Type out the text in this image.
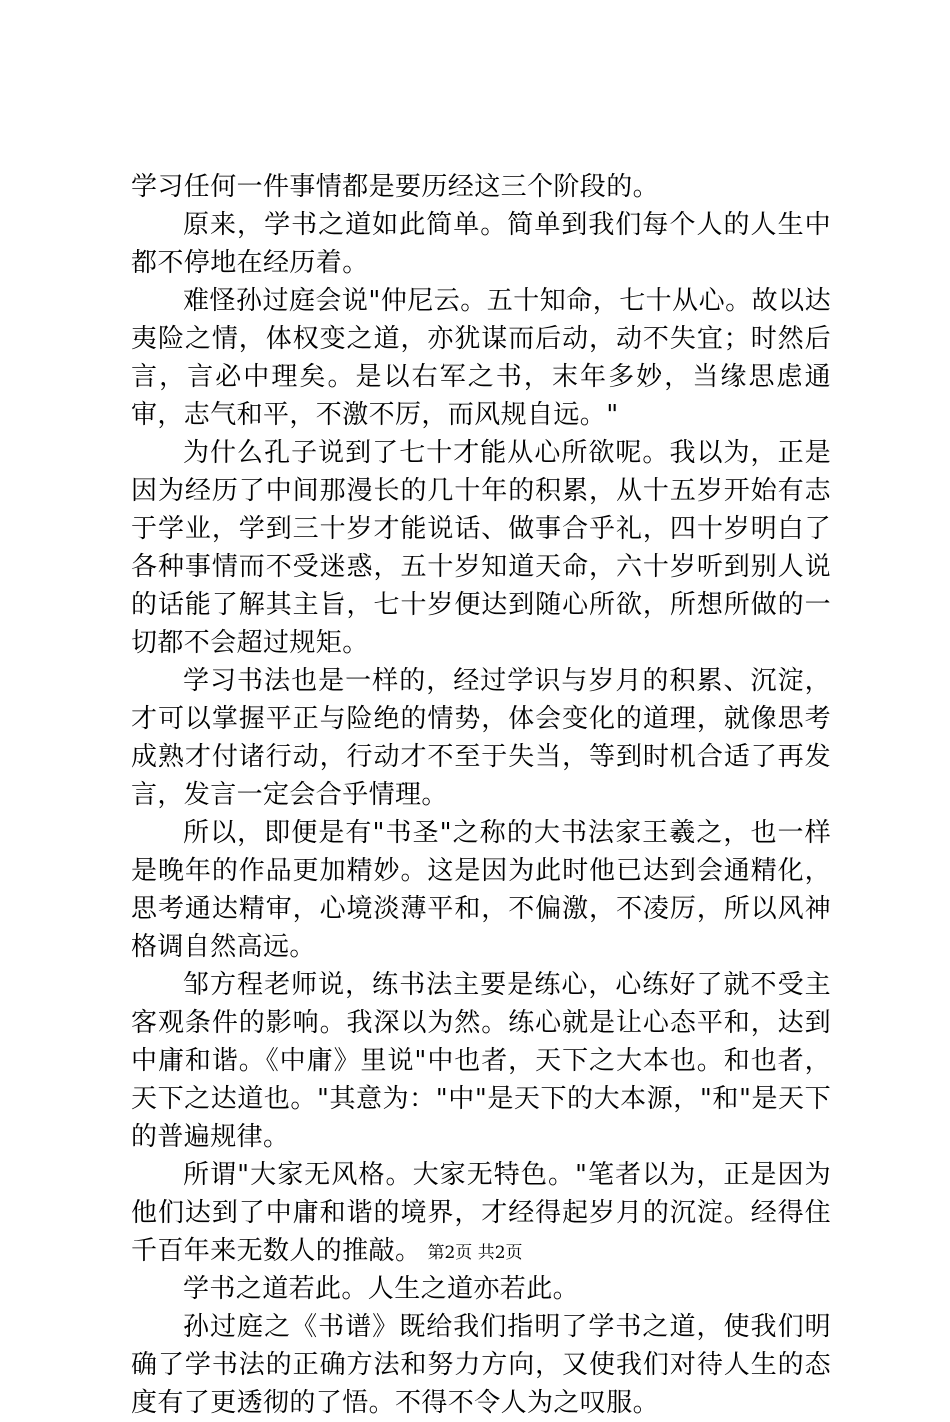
学习任何一件事情都是要历经这三个阶段的。

原来，学书之道如此简单。简单到我们每个人的人生中都不停地在经历着。

难怪孙过庭会说"仲尼云。五十知命，七十从心。故以达夷险之情，体权变之道，亦犹谋而后动，动不失宜；时然后言，言必中理矣。是以右军之书，末年多妙，当缘思虑通审，志气和平，不激不厉，而风规自远。"

为什么孔子说到了七十才能从心所欲呢。我以为，正是因为经历了中间那漫长的几十年的积累，从十五岁开始有志于学业，学到三十岁才能说话、做事合乎礼，四十岁明白了各种事情而不受迷惑，五十岁知道天命，六十岁听到别人说的话能了解其主旨，七十岁便达到随心所欲，所想所做的一切都不会超过规矩。

学习书法也是一样的，经过学识与岁月的积累、沉淀，才可以掌握平正与险绝的情势，体会变化的道理，就像思考成熟才付诸行动，行动才不至于失当，等到时机合适了再发言，发言一定会合乎情理。

所以，即便是有"书圣"之称的大书法家王羲之，也一样是晚年的作品更加精妙。这是因为此时他已达到会通精化，思考通达精审，心境淡薄平和，不偏激，不凌厉，所以风神格调自然高远。

邹方程老师说，练书法主要是练心，心练好了就不受主客观条件的影响。我深以为然。练心就是让心态平和，达到中庸和谐。《中庸》里说"中也者，天下之大本也。和也者，天下之达道也。"其意为："中"是天下的大本源，"和"是天下的普遍规律。

所谓"大家无风格。大家无特色。"笔者以为，正是因为他们达到了中庸和谐的境界，才经得起岁月的沉淀。经得住千百年来无数人的推敲。

学书之道若此。人生之道亦若此。

孙过庭之《书谱》既给我们指明了学书之道，使我们明确了学书法的正确方法和努力方向，又使我们对待人生的态度有了更透彻的了悟。不得不令人为之叹服。

第2页 共2页
